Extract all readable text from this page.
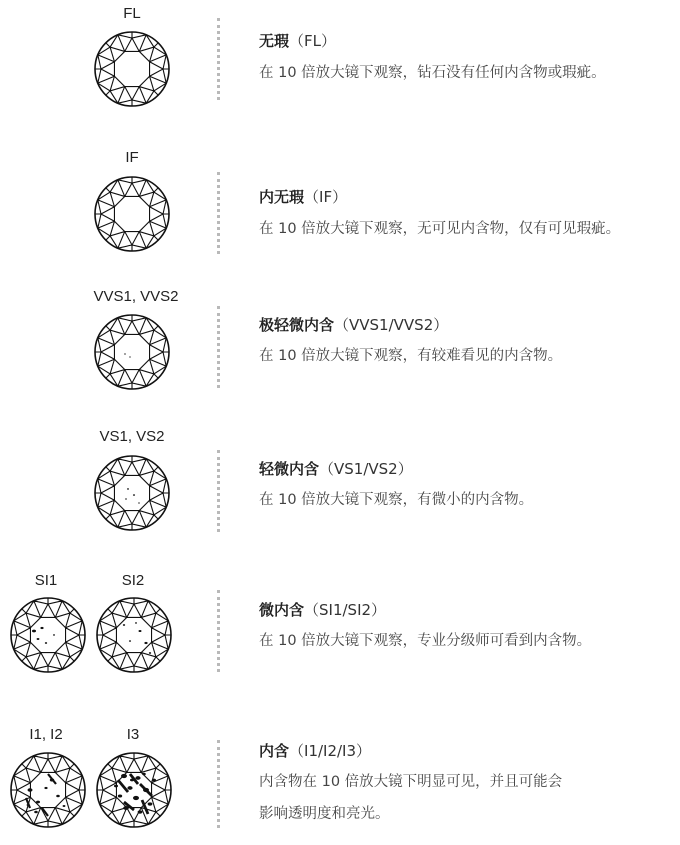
FL
无瑕（FL）
在 10 倍放大镜下观察，钻石没有任何内含物或瑕疵。
IF
内无瑕（IF）
在 10 倍放大镜下观察，无可见内含物，仅有可见瑕疵。
VVS1, VVS2
极轻微内含（VVS1/VVS2）
在 10 倍放大镜下观察，有较难看见的内含物。
VS1, VS2
轻微内含（VS1/VS2）
在 10 倍放大镜下观察，有微小的内含物。
SI1	SI2
微内含（SI1/SI2）
在 10 倍放大镜下观察，专业分级师可看到内含物。
I1, I2	I3
内含（I1/I2/I3）
内含物在 10 倍放大镜下明显可见，并且可能会
影响透明度和亮光。
